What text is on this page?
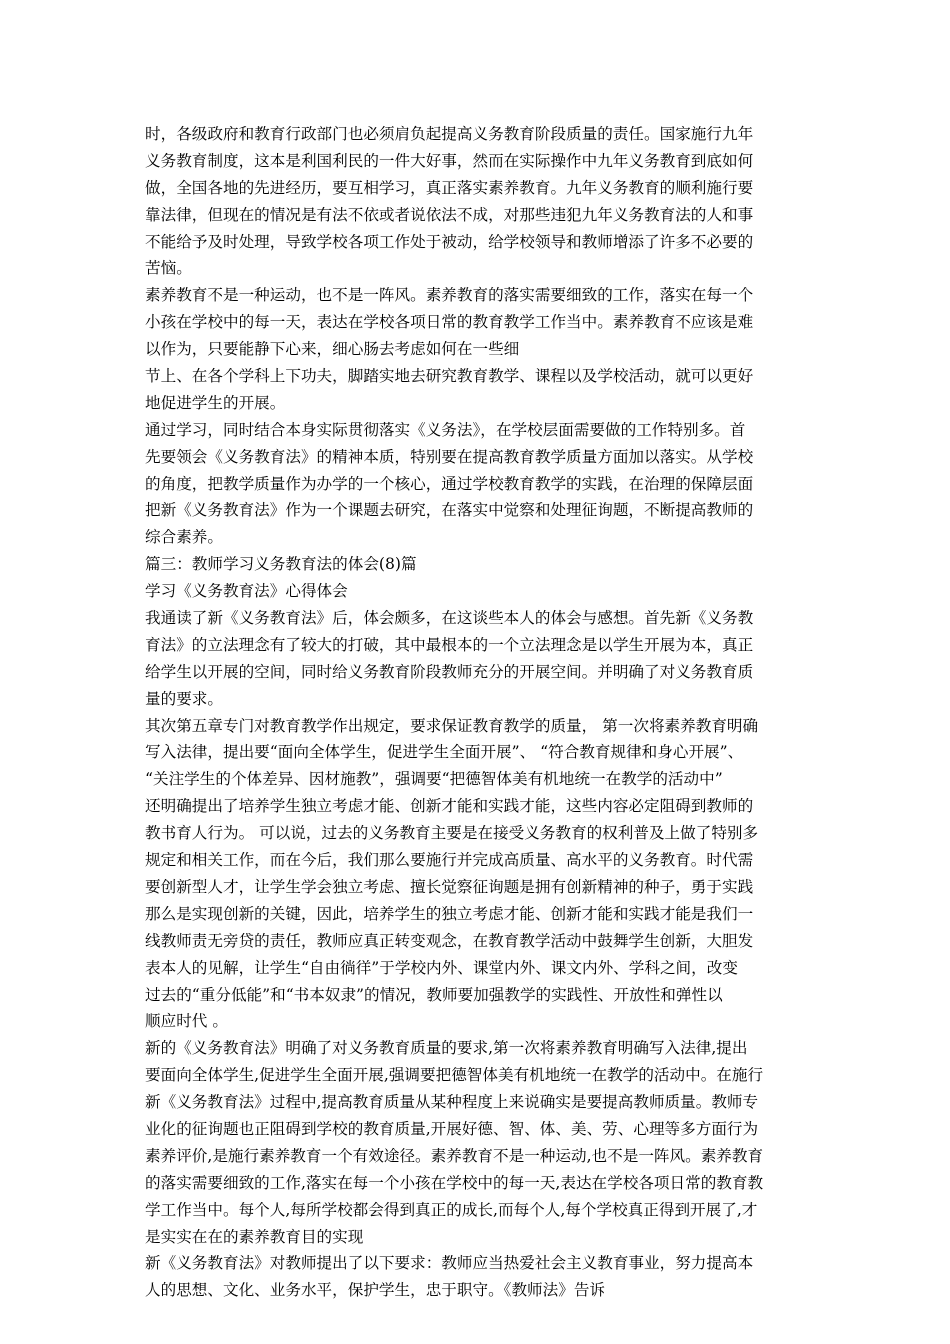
时，各级政府和教育行政部门也必须肩负起提高义务教育阶段质量的责任。国家施行九年
义务教育制度，这本是利国利民的一件大好事，然而在实际操作中九年义务教育到底如何
做，全国各地的先进经历，要互相学习，真正落实素养教育。九年义务教育的顺利施行要
靠法律，但现在的情况是有法不依或者说依法不成，对那些违犯九年义务教育法的人和事
不能给予及时处理，导致学校各项工作处于被动，给学校领导和教师增添了许多不必要的
苦恼。
素养教育不是一种运动，也不是一阵风。素养教育的落实需要细致的工作，落实在每一个
小孩在学校中的每一天，表达在学校各项日常的教育教学工作当中。素养教育不应该是难
以作为，只要能静下心来，细心肠去考虑如何在一些细
节上、在各个学科上下功夫，脚踏实地去研究教育教学、课程以及学校活动，就可以更好
地促进学生的开展。
通过学习，同时结合本身实际贯彻落实《义务法》，在学校层面需要做的工作特别多。首
先要领会《义务教育法》的精神本质，特别要在提高教育教学质量方面加以落实。从学校
的角度，把教学质量作为办学的一个核心，通过学校教育教学的实践，在治理的保障层面
把新《义务教育法》作为一个课题去研究，在落实中觉察和处理征询题，不断提高教师的
综合素养。
篇三：教师学习义务教育法的体会(8)篇
学习《义务教育法》心得体会
我通读了新《义务教育法》后，体会颇多，在这谈些本人的体会与感想。首先新《义务教
育法》的立法理念有了较大的打破，其中最根本的一个立法理念是以学生开展为本，真正
给学生以开展的空间，同时给义务教育阶段教师充分的开展空间。并明确了对义务教育质
量的要求。
其次第五章专门对教育教学作出规定，要求保证教育教学的质量， 第一次将素养教育明确
写入法律，提出要“面向全体学生，促进学生全面开展”、 “符合教育规律和身心开展”、
“关注学生的个体差异、因材施教”，强调要“把德智体美有机地统一在教学的活动中”
还明确提出了培养学生独立考虑才能、创新才能和实践才能，这些内容必定阻碍到教师的
教书育人行为。 可以说，过去的义务教育主要是在接受义务教育的权利普及上做了特别多
规定和相关工作，而在今后，我们那么要施行并完成高质量、高水平的义务教育。时代需
要创新型人才，让学生学会独立考虑、擅长觉察征询题是拥有创新精神的种子，勇于实践
那么是实现创新的关键，因此，培养学生的独立考虑才能、创新才能和实践才能是我们一
线教师责无旁贷的责任，教师应真正转变观念，在教育教学活动中鼓舞学生创新，大胆发
表本人的见解，让学生“自由徜徉”于学校内外、课堂内外、课文内外、学科之间，改变
过去的“重分低能”和“书本奴隶”的情况，教师要加强教学的实践性、开放性和弹性以
顺应时代 。
新的《义务教育法》明确了对义务教育质量的要求,第一次将素养教育明确写入法律,提出
要面向全体学生,促进学生全面开展,强调要把德智体美有机地统一在教学的活动中。在施行
新《义务教育法》过程中,提高教育质量从某种程度上来说确实是要提高教师质量。教师专
业化的征询题也正阻碍到学校的教育质量,开展好德、智、体、美、劳、心理等多方面行为
素养评价,是施行素养教育一个有效途径。素养教育不是一种运动,也不是一阵风。素养教育
的落实需要细致的工作,落实在每一个小孩在学校中的每一天,表达在学校各项日常的教育教
学工作当中。每个人,每所学校都会得到真正的成长,而每个人,每个学校真正得到开展了,才
是实实在在的素养教育目的实现
新《义务教育法》对教师提出了以下要求：教师应当热爱社会主义教育事业，努力提高本
人的思想、文化、业务水平，保护学生，忠于职守。《教师法》告诉
